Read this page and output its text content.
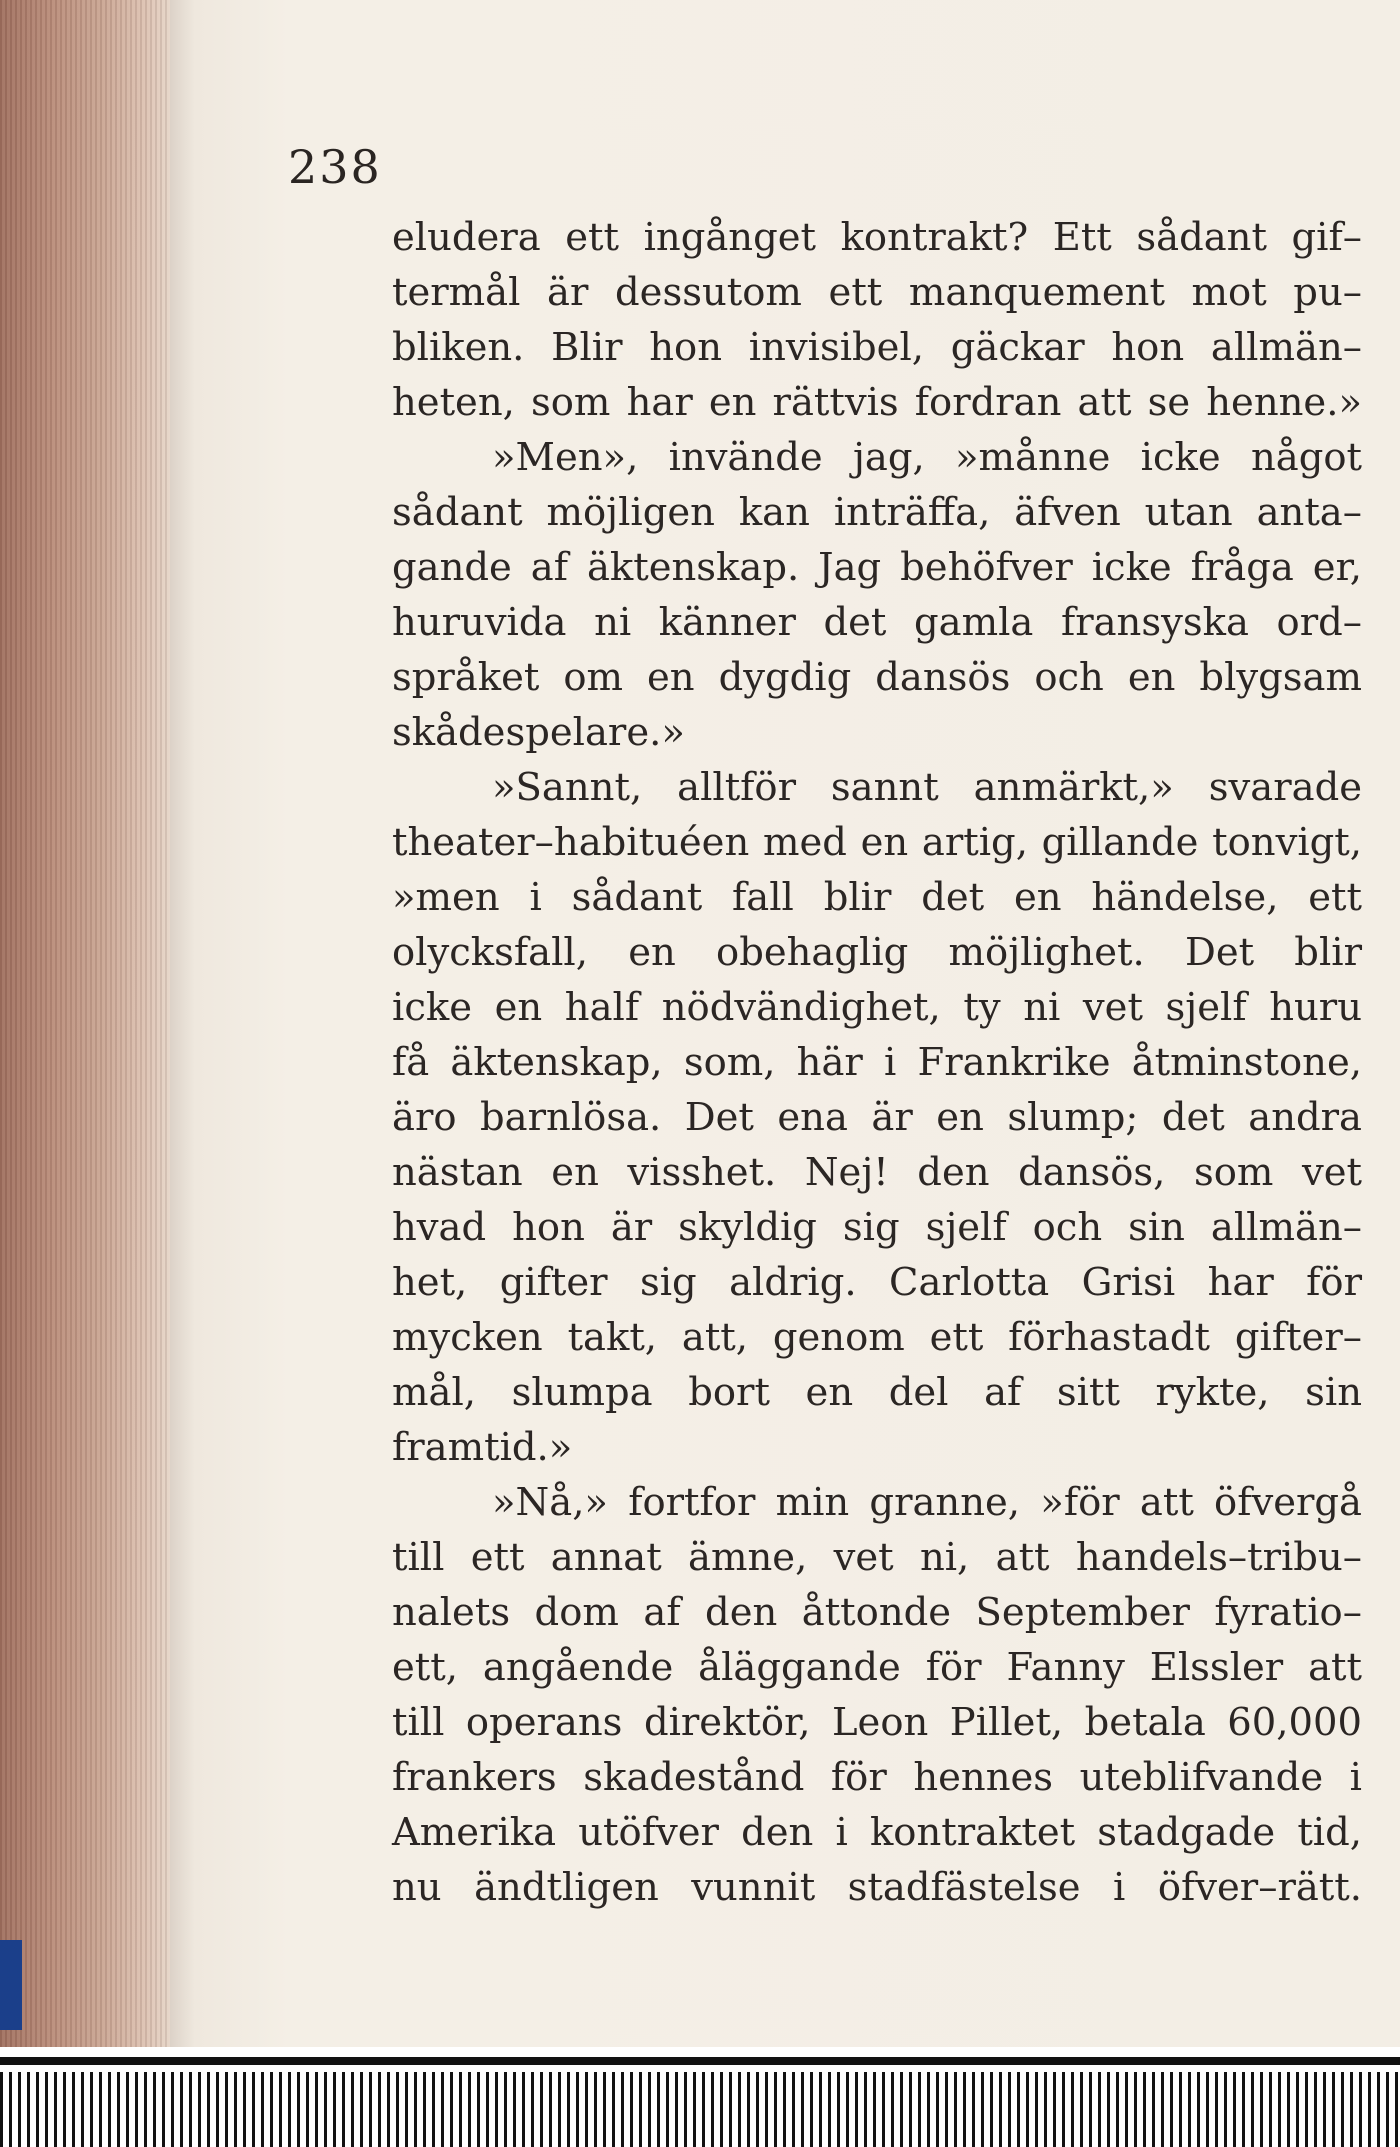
238
eludera ett ingånget kontrakt? Ett sådant gif–
termål är dessutom ett manquement mot pu–
bliken. Blir hon invisibel, gäckar hon allmän–
heten, som har en rättvis fordran att se henne.»
»Men», invände jag, »månne icke något
sådant möjligen kan inträffa, äfven utan anta–
gande af äktenskap. Jag behöfver icke fråga er,
huruvida ni känner det gamla fransyska ord–
språket om en dygdig dansös och en blygsam
skådespelare.»
»Sannt, alltför sannt anmärkt,» svarade
theater–habituéen med en artig, gillande tonvigt,
»men i sådant fall blir det en händelse, ett
olycksfall, en obehaglig möjlighet. Det blir
icke en half nödvändighet, ty ni vet sjelf huru
få äktenskap, som, här i Frankrike åtminstone,
äro barnlösa. Det ena är en slump; det andra
nästan en visshet. Nej! den dansös, som vet
hvad hon är skyldig sig sjelf och sin allmän–
het, gifter sig aldrig. Carlotta Grisi har för
mycken takt, att, genom ett förhastadt gifter–
mål, slumpa bort en del af sitt rykte, sin
framtid.»
»Nå,» fortfor min granne, »för att öfvergå
till ett annat ämne, vet ni, att handels–tribu–
nalets dom af den åttonde September fyratio–
ett, angående åläggande för Fanny Elssler att
till operans direktör, Leon Pillet, betala 60,000
frankers skadestånd för hennes uteblifvande i
Amerika utöfver den i kontraktet stadgade tid,
nu ändtligen vunnit stadfästelse i öfver–rätt.
